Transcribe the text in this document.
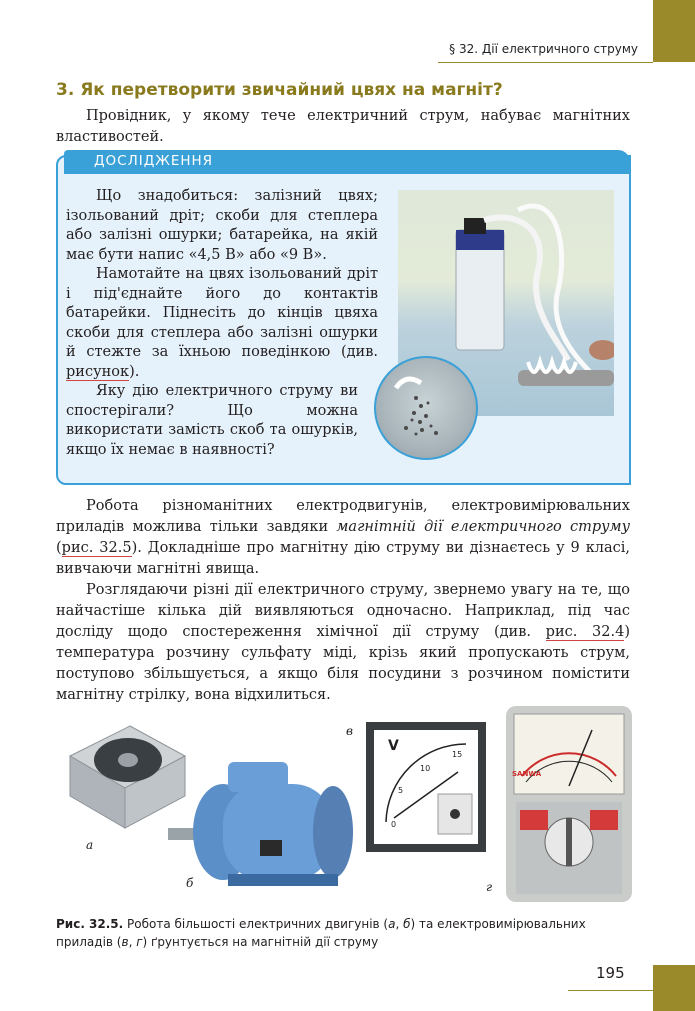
§ 32. Дії електричного струму
3. Як перетворити звичайний цвях на магніт?
Провідник, у якому тече електричний струм, набуває магнітних властивостей.
ДОСЛІДЖЕННЯ
Що знадобиться: залізний цвях; ізольований дріт; скоби для степлера або залізні ошурки; батарейка, на якій має бути напис «4,5 В» або «9 В».
Намотайте на цвях ізольований дріт і під'єднайте його до контактів батарейки. Піднесіть до кінців цвяха скоби для степлера або залізні ошурки й стежте за їхньою поведінкою (див. рисунок).
Яку дію електричного струму ви спостерігали? Що можна використати замість скоб та ошурків, якщо їх немає в наявності?
Робота різноманітних електродвигунів, електровимірювальних приладів можлива тільки завдяки магнітній дії електричного струму (рис. 32.5). Докладніше про магнітну дію струму ви дізнаєтесь у 9 класі, вивчаючи магнітні явища.
Розглядаючи різні дії електричного струму, звернемо увагу на те, що найчастіше кілька дій виявляються одночасно. Наприклад, під час досліду щодо спостереження хімічної дії струму (див. рис. 32.4) температура розчину сульфату міді, крізь який пропускають струм, поступово збільшується, а якщо біля посудини з розчином помістити магнітну стрілку, вона відхилиться.
а
б
в
V
0
5
10
15
SANWA
г
Рис. 32.5. Робота більшості електричних двигунів (а, б) та електровимірювальних приладів (в, г) ґрунтується на магнітній дії струму
195
